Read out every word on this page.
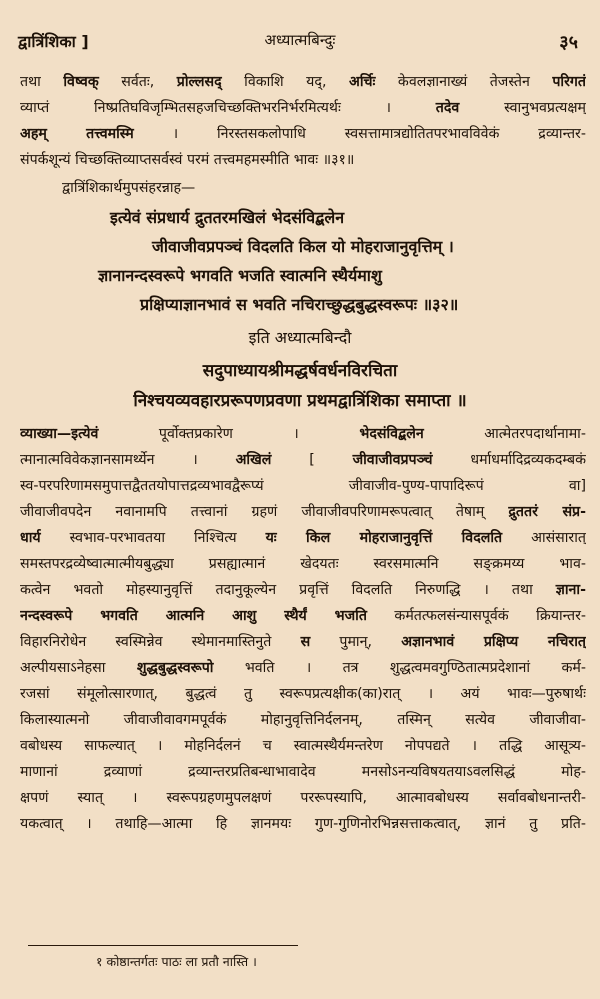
द्वात्रिंशिका ]	अध्यात्मबिन्दुः	३५
तथा विष्वक् सर्वतः, प्रोल्लसद् विकाशि यद्, अर्चिः केवलज्ञानाख्यं तेजस्तेन परिगतं
व्याप्तं निष्प्रतिघविजृम्भितसहजचिच्छक्तिभरनिर्भरमित्यर्थः । तदेव स्वानुभवप्रत्यक्षम्
अहम् तत्त्वमस्मि । निरस्तसकलोपाधि स्वसत्तामात्रद्योतितपरभावविवेकं द्रव्यान्तर-
संपर्कशून्यं चिच्छक्तिव्याप्तसर्वस्वं परमं तत्त्वमहमस्मीति भावः ॥३१॥
द्वात्रिंशिकार्थमुपसंहरन्नाह—
इत्येवं संप्रधार्य द्रुततरमखिलं भेदसंविद्बलेन
जीवाजीवप्रपञ्चं विदलति किल यो मोहराजानुवृत्तिम् ।
ज्ञानानन्दस्वरूपे भगवति भजति स्वात्मनि स्थैर्यमाशु
प्रक्षिप्याज्ञानभावं स भवति नचिराच्छुद्धबुद्धस्वरूपः ॥३२॥
इति अध्यात्मबिन्दौ
सदुपाध्यायश्रीमद्धर्षवर्धनविरचिता
निश्चयव्यवहारप्ररूपणप्रवणा प्रथमद्वात्रिंशिका समाप्ता ॥
व्याख्या—इत्येवं पूर्वोक्तप्रकारेण । भेदसंविद्बलेन आत्मेतरपदार्थानामा-
त्मानात्मविवेकज्ञानसामर्थ्येन । अखिलं [ जीवाजीवप्रपञ्चं धर्माधर्मादिद्रव्यकदम्बकं
स्व-परपरिणामसमुपात्तद्वैततयोपात्तद्रव्यभावद्वैरूप्यं जीवाजीव-पुण्य-पापादिरूपं वा]
जीवाजीवपदेन नवानामपि तत्त्वानां ग्रहणं जीवाजीवपरिणामरूपत्वात् तेषाम् द्रुततरं संप्र-
धार्य स्वभाव-परभावतया निश्चित्य यः किल मोहराजानुवृत्तिं विदलति आसंसारात्
समस्तपरद्रव्येष्वात्मात्मीयबुद्ध्या प्रसह्यात्मानं खेदयतः स्वरसमात्मनि सङ्क्रमय्य भाव-
कत्वेन भवतो मोहस्यानुवृत्तिं तदानुकूल्येन प्रवृत्तिं विदलति निरुणद्धि । तथा ज्ञाना-
नन्दस्वरूपे भगवति आत्मनि आशु स्थैर्यं भजति कर्मतत्फलसंन्यासपूर्वकं क्रियान्तर-
विहारनिरोधेन स्वस्मिन्नेव स्थेमानमास्तिनुते स पुमान्, अज्ञानभावं प्रक्षिप्य नचिरात्
अल्पीयसाऽनेहसा शुद्धबुद्धस्वरूपो भवति । तत्र शुद्धत्वमवगुण्ठितात्मप्रदेशानां कर्म-
रजसां संमूलोत्सारणात्, बुद्धत्वं तु स्वरूपप्रत्यक्षीक(का)रात् । अयं भावः—पुरुषार्थः
किलास्यात्मनो जीवाजीवावगमपूर्वकं मोहानुवृत्तिनिर्दलनम्, तस्मिन् सत्येव जीवाजीवा-
वबोधस्य साफल्यात् । मोहनिर्दलनं च स्वात्मस्थैर्यमन्तरेण नोपपद्यते । तद्धि आसूत्र्य-
माणानां द्रव्याणां द्रव्यान्तरप्रतिबन्धाभावादेव मनसोऽनन्यविषयतयाऽवलसिद्धं मोह-
क्षपणं स्यात् । स्वरूपग्रहणमुपलक्षणं पररूपस्यापि, आत्मावबोधस्य सर्वावबोधनान्तरी-
यकत्वात् । तथाहि—आत्मा हि ज्ञानमयः गुण-गुणिनोरभिन्नसत्ताकत्वात्, ज्ञानं तु प्रति-
१ कोष्ठान्तर्गतः पाठः ला प्रतौ नास्ति ।
